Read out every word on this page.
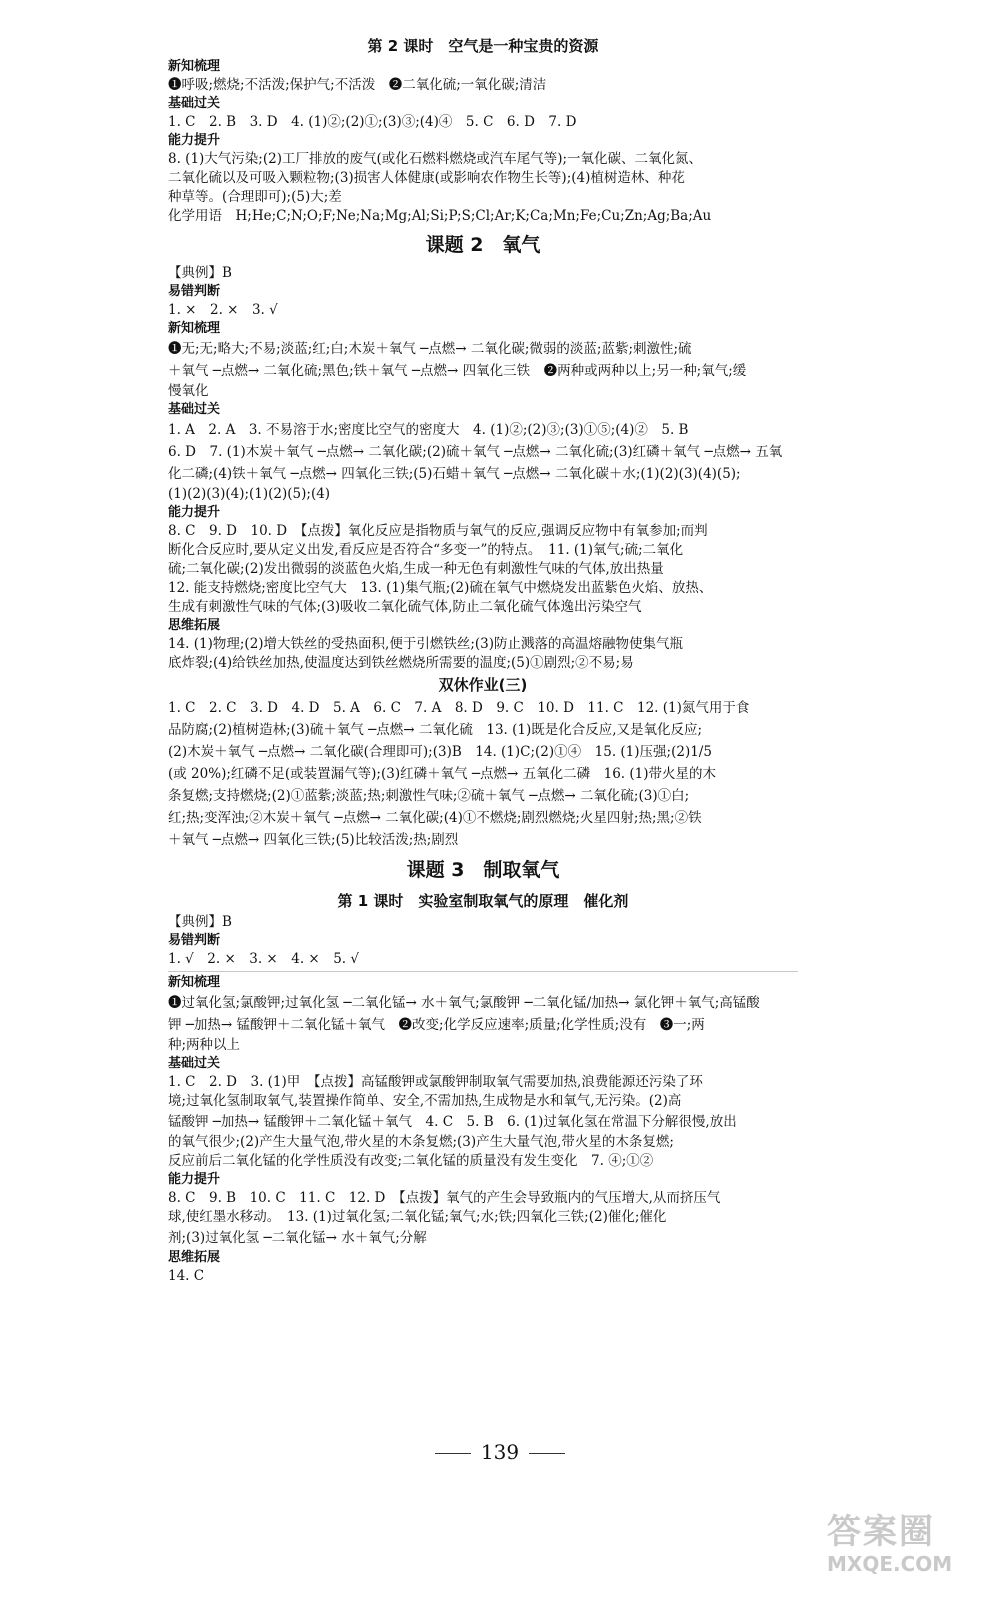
第 2 课时　空气是一种宝贵的资源
新知梳理
❶呼吸;燃烧;不活泼;保护气;不活泼　❷二氧化硫;一氧化碳;清洁
基础过关
1. C　2. B　3. D　4. (1)②;(2)①;(3)③;(4)④　5. C　6. D　7. D
能力提升
8. (1)大气污染;(2)工厂排放的废气(或化石燃料燃烧或汽车尾气等);一氧化碳、二氧化氮、
二氧化硫以及可吸入颗粒物;(3)损害人体健康(或影响农作物生长等);(4)植树造林、种花
种草等。(合理即可);(5)大;差
化学用语　H;He;C;N;O;F;Ne;Na;Mg;Al;Si;P;S;Cl;Ar;K;Ca;Mn;Fe;Cu;Zn;Ag;Ba;Au
课题 2　氧气
【典例】B
易错判断
1. ×　2. ×　3. √
新知梳理
❶无;无;略大;不易;淡蓝;红;白;木炭＋氧气 ─点燃→ 二氧化碳;微弱的淡蓝;蓝紫;刺激性;硫
＋氧气 ─点燃→ 二氧化硫;黑色;铁＋氧气 ─点燃→ 四氧化三铁　❷两种或两种以上;另一种;氧气;缓
慢氧化
基础过关
1. A　2. A　3. 不易溶于水;密度比空气的密度大　4. (1)②;(2)③;(3)①⑤;(4)②　5. B
6. D　7. (1)木炭＋氧气 ─点燃→ 二氧化碳;(2)硫＋氧气 ─点燃→ 二氧化硫;(3)红磷＋氧气 ─点燃→ 五氧
化二磷;(4)铁＋氧气 ─点燃→ 四氧化三铁;(5)石蜡＋氧气 ─点燃→ 二氧化碳＋水;(1)(2)(3)(4)(5);
(1)(2)(3)(4);(1)(2)(5);(4)
能力提升
8. C　9. D　10. D　【点拨】氧化反应是指物质与氧气的反应,强调反应物中有氧参加;而判
断化合反应时,要从定义出发,看反应是否符合“多变一”的特点。　11. (1)氧气;硫;二氧化
硫;二氧化碳;(2)发出微弱的淡蓝色火焰,生成一种无色有刺激性气味的气体,放出热量
12. 能支持燃烧;密度比空气大　13. (1)集气瓶;(2)硫在氧气中燃烧发出蓝紫色火焰、放热、
生成有刺激性气味的气体;(3)吸收二氧化硫气体,防止二氧化硫气体逸出污染空气
思维拓展
14. (1)物理;(2)增大铁丝的受热面积,便于引燃铁丝;(3)防止溅落的高温熔融物使集气瓶
底炸裂;(4)给铁丝加热,使温度达到铁丝燃烧所需要的温度;(5)①剧烈;②不易;易
双休作业(三)
1. C　2. C　3. D　4. D　5. A　6. C　7. A　8. D　9. C　10. D　11. C　12. (1)氮气用于食
品防腐;(2)植树造林;(3)硫＋氧气 ─点燃→ 二氧化硫　13. (1)既是化合反应,又是氧化反应;
(2)木炭＋氧气 ─点燃→ 二氧化碳(合理即可);(3)B　14. (1)C;(2)①④　15. (1)压强;(2)1/5
(或 20%);红磷不足(或装置漏气等);(3)红磷＋氧气 ─点燃→ 五氧化二磷　16. (1)带火星的木
条复燃;支持燃烧;(2)①蓝紫;淡蓝;热;刺激性气味;②硫＋氧气 ─点燃→ 二氧化硫;(3)①白;
红;热;变浑浊;②木炭＋氧气 ─点燃→ 二氧化碳;(4)①不燃烧;剧烈燃烧;火星四射;热;黑;②铁
＋氧气 ─点燃→ 四氧化三铁;(5)比较活泼;热;剧烈
课题 3　制取氧气
第 1 课时　实验室制取氧气的原理　催化剂
【典例】B
易错判断
1. √　2. ×　3. ×　4. ×　5. √
新知梳理
❶过氧化氢;氯酸钾;过氧化氢 ─二氧化锰→ 水＋氧气;氯酸钾 ─二氧化锰/加热→ 氯化钾＋氧气;高锰酸
钾 ─加热→ 锰酸钾＋二氧化锰＋氧气　❷改变;化学反应速率;质量;化学性质;没有　❸一;两
种;两种以上
基础过关
1. C　2. D　3. (1)甲　【点拨】高锰酸钾或氯酸钾制取氧气需要加热,浪费能源还污染了环
境;过氧化氢制取氧气,装置操作简单、安全,不需加热,生成物是水和氧气,无污染。(2)高
锰酸钾 ─加热→ 锰酸钾＋二氧化锰＋氧气　4. C　5. B　6. (1)过氧化氢在常温下分解很慢,放出
的氧气很少;(2)产生大量气泡,带火星的木条复燃;(3)产生大量气泡,带火星的木条复燃;
反应前后二氧化锰的化学性质没有改变;二氧化锰的质量没有发生变化　7. ④;①②
能力提升
8. C　9. B　10. C　11. C　12. D　【点拨】氧气的产生会导致瓶内的气压增大,从而挤压气
球,使红墨水移动。　13. (1)过氧化氢;二氧化锰;氧气;水;铁;四氧化三铁;(2)催化;催化
剂;(3)过氧化氢 ─二氧化锰→ 水＋氧气;分解
思维拓展
14. C
139
答案圈
MXQE.COM
